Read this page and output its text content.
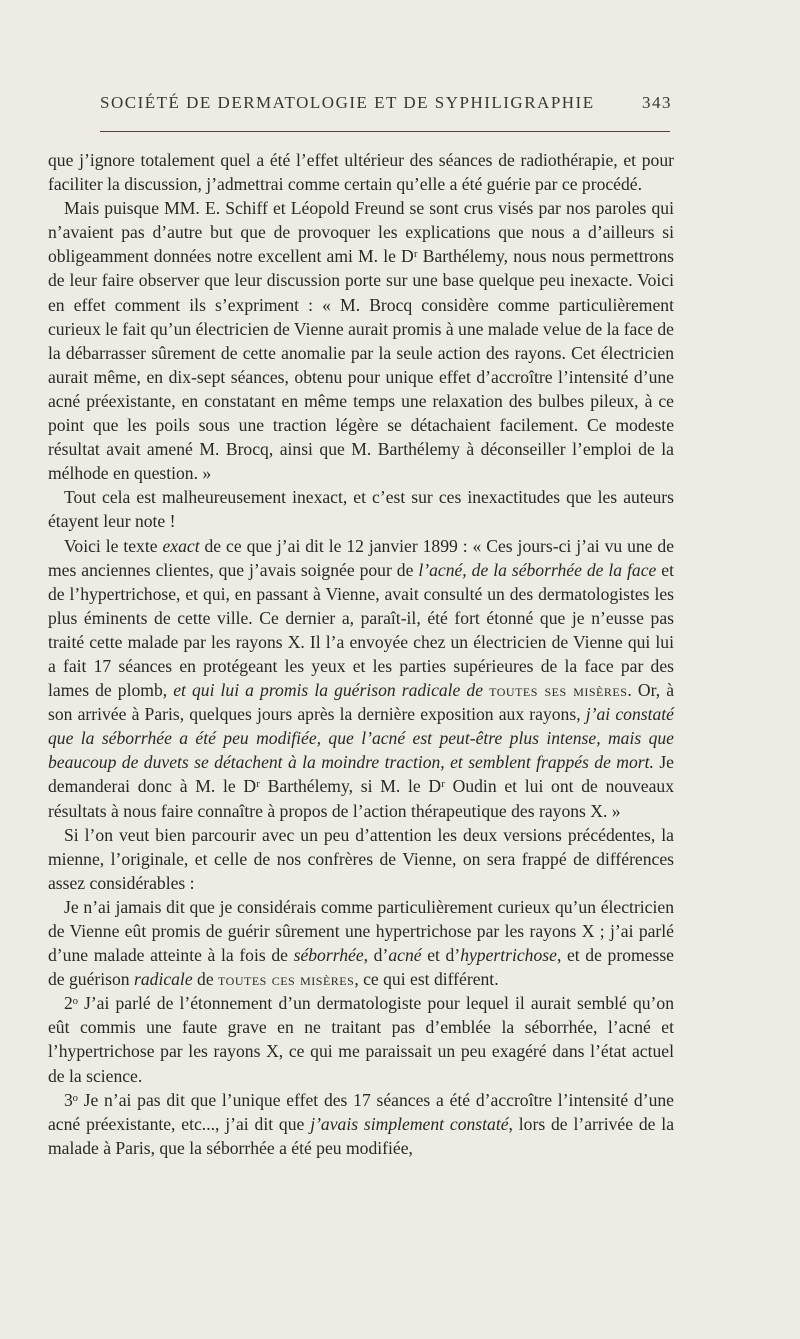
SOCIÉTÉ DE DERMATOLOGIE ET DE SYPHILIGRAPHIE	343

que j’ignore totalement quel a été l’effet ultérieur des séances de radiothérapie, et pour faciliter la discussion, j’admettrai comme certain qu’elle a été guérie par ce procédé.

Mais puisque MM. E. Schiff et Léopold Freund se sont crus visés par nos paroles qui n’avaient pas d’autre but que de provoquer les explications que nous a d’ailleurs si obligeamment données notre excellent ami M. le Dʳ Barthélemy, nous nous permettrons de leur faire observer que leur discussion porte sur une base quelque peu inexacte. Voici en effet comment ils s’expriment : « M. Brocq considère comme particulièrement curieux le fait qu’un électricien de Vienne aurait promis à une malade velue de la face de la débarrasser sûrement de cette anomalie par la seule action des rayons. Cet électricien aurait même, en dix-sept séances, obtenu pour unique effet d’accroître l’intensité d’une acné préexistante, en constatant en même temps une relaxation des bulbes pileux, à ce point que les poils sous une traction légère se détachaient facilement. Ce modeste résultat avait amené M. Brocq, ainsi que M. Barthélemy à déconseiller l’emploi de la mélhode en question. »

Tout cela est malheureusement inexact, et c’est sur ces inexactitudes que les auteurs étayent leur note !

Voici le texte exact de ce que j’ai dit le 12 janvier 1899 : « Ces jours-ci j’ai vu une de mes anciennes clientes, que j’avais soignée pour de l’acné, de la séborrhée de la face et de l’hypertrichose, et qui, en passant à Vienne, avait consulté un des dermatologistes les plus éminents de cette ville. Ce dernier a, paraît-il, été fort étonné que je n’eusse pas traité cette malade par les rayons X. Il l’a envoyée chez un électricien de Vienne qui lui a fait 17 séances en protégeant les yeux et les parties supérieures de la face par des lames de plomb, et qui lui a promis la guérison radicale de toutes ses misères. Or, à son arrivée à Paris, quelques jours après la dernière exposition aux rayons, j’ai constaté que la séborrhée a été peu modifiée, que l’acné est peut-être plus intense, mais que beaucoup de duvets se détachent à la moindre traction, et semblent frappés de mort. Je demanderai donc à M. le Dʳ Barthélemy, si M. le Dʳ Oudin et lui ont de nouveaux résultats à nous faire connaître à propos de l’action thérapeutique des rayons X. »

Si l’on veut bien parcourir avec un peu d’attention les deux versions précédentes, la mienne, l’originale, et celle de nos confrères de Vienne, on sera frappé de différences assez considérables :

Je n’ai jamais dit que je considérais comme particulièrement curieux qu’un électricien de Vienne eût promis de guérir sûrement une hypertrichose par les rayons X ; j’ai parlé d’une malade atteinte à la fois de séborrhée, d’acné et d’hypertrichose, et de promesse de guérison radicale de toutes ces misères, ce qui est différent.

2ᵒ J’ai parlé de l’étonnement d’un dermatologiste pour lequel il aurait semblé qu’on eût commis une faute grave en ne traitant pas d’emblée la séborrhée, l’acné et l’hypertrichose par les rayons X, ce qui me paraissait un peu exagéré dans l’état actuel de la science.

3ᵒ Je n’ai pas dit que l’unique effet des 17 séances a été d’accroître l’intensité d’une acné préexistante, etc..., j’ai dit que j’avais simplement constaté, lors de l’arrivée de la malade à Paris, que la séborrhée a été peu modifiée,
